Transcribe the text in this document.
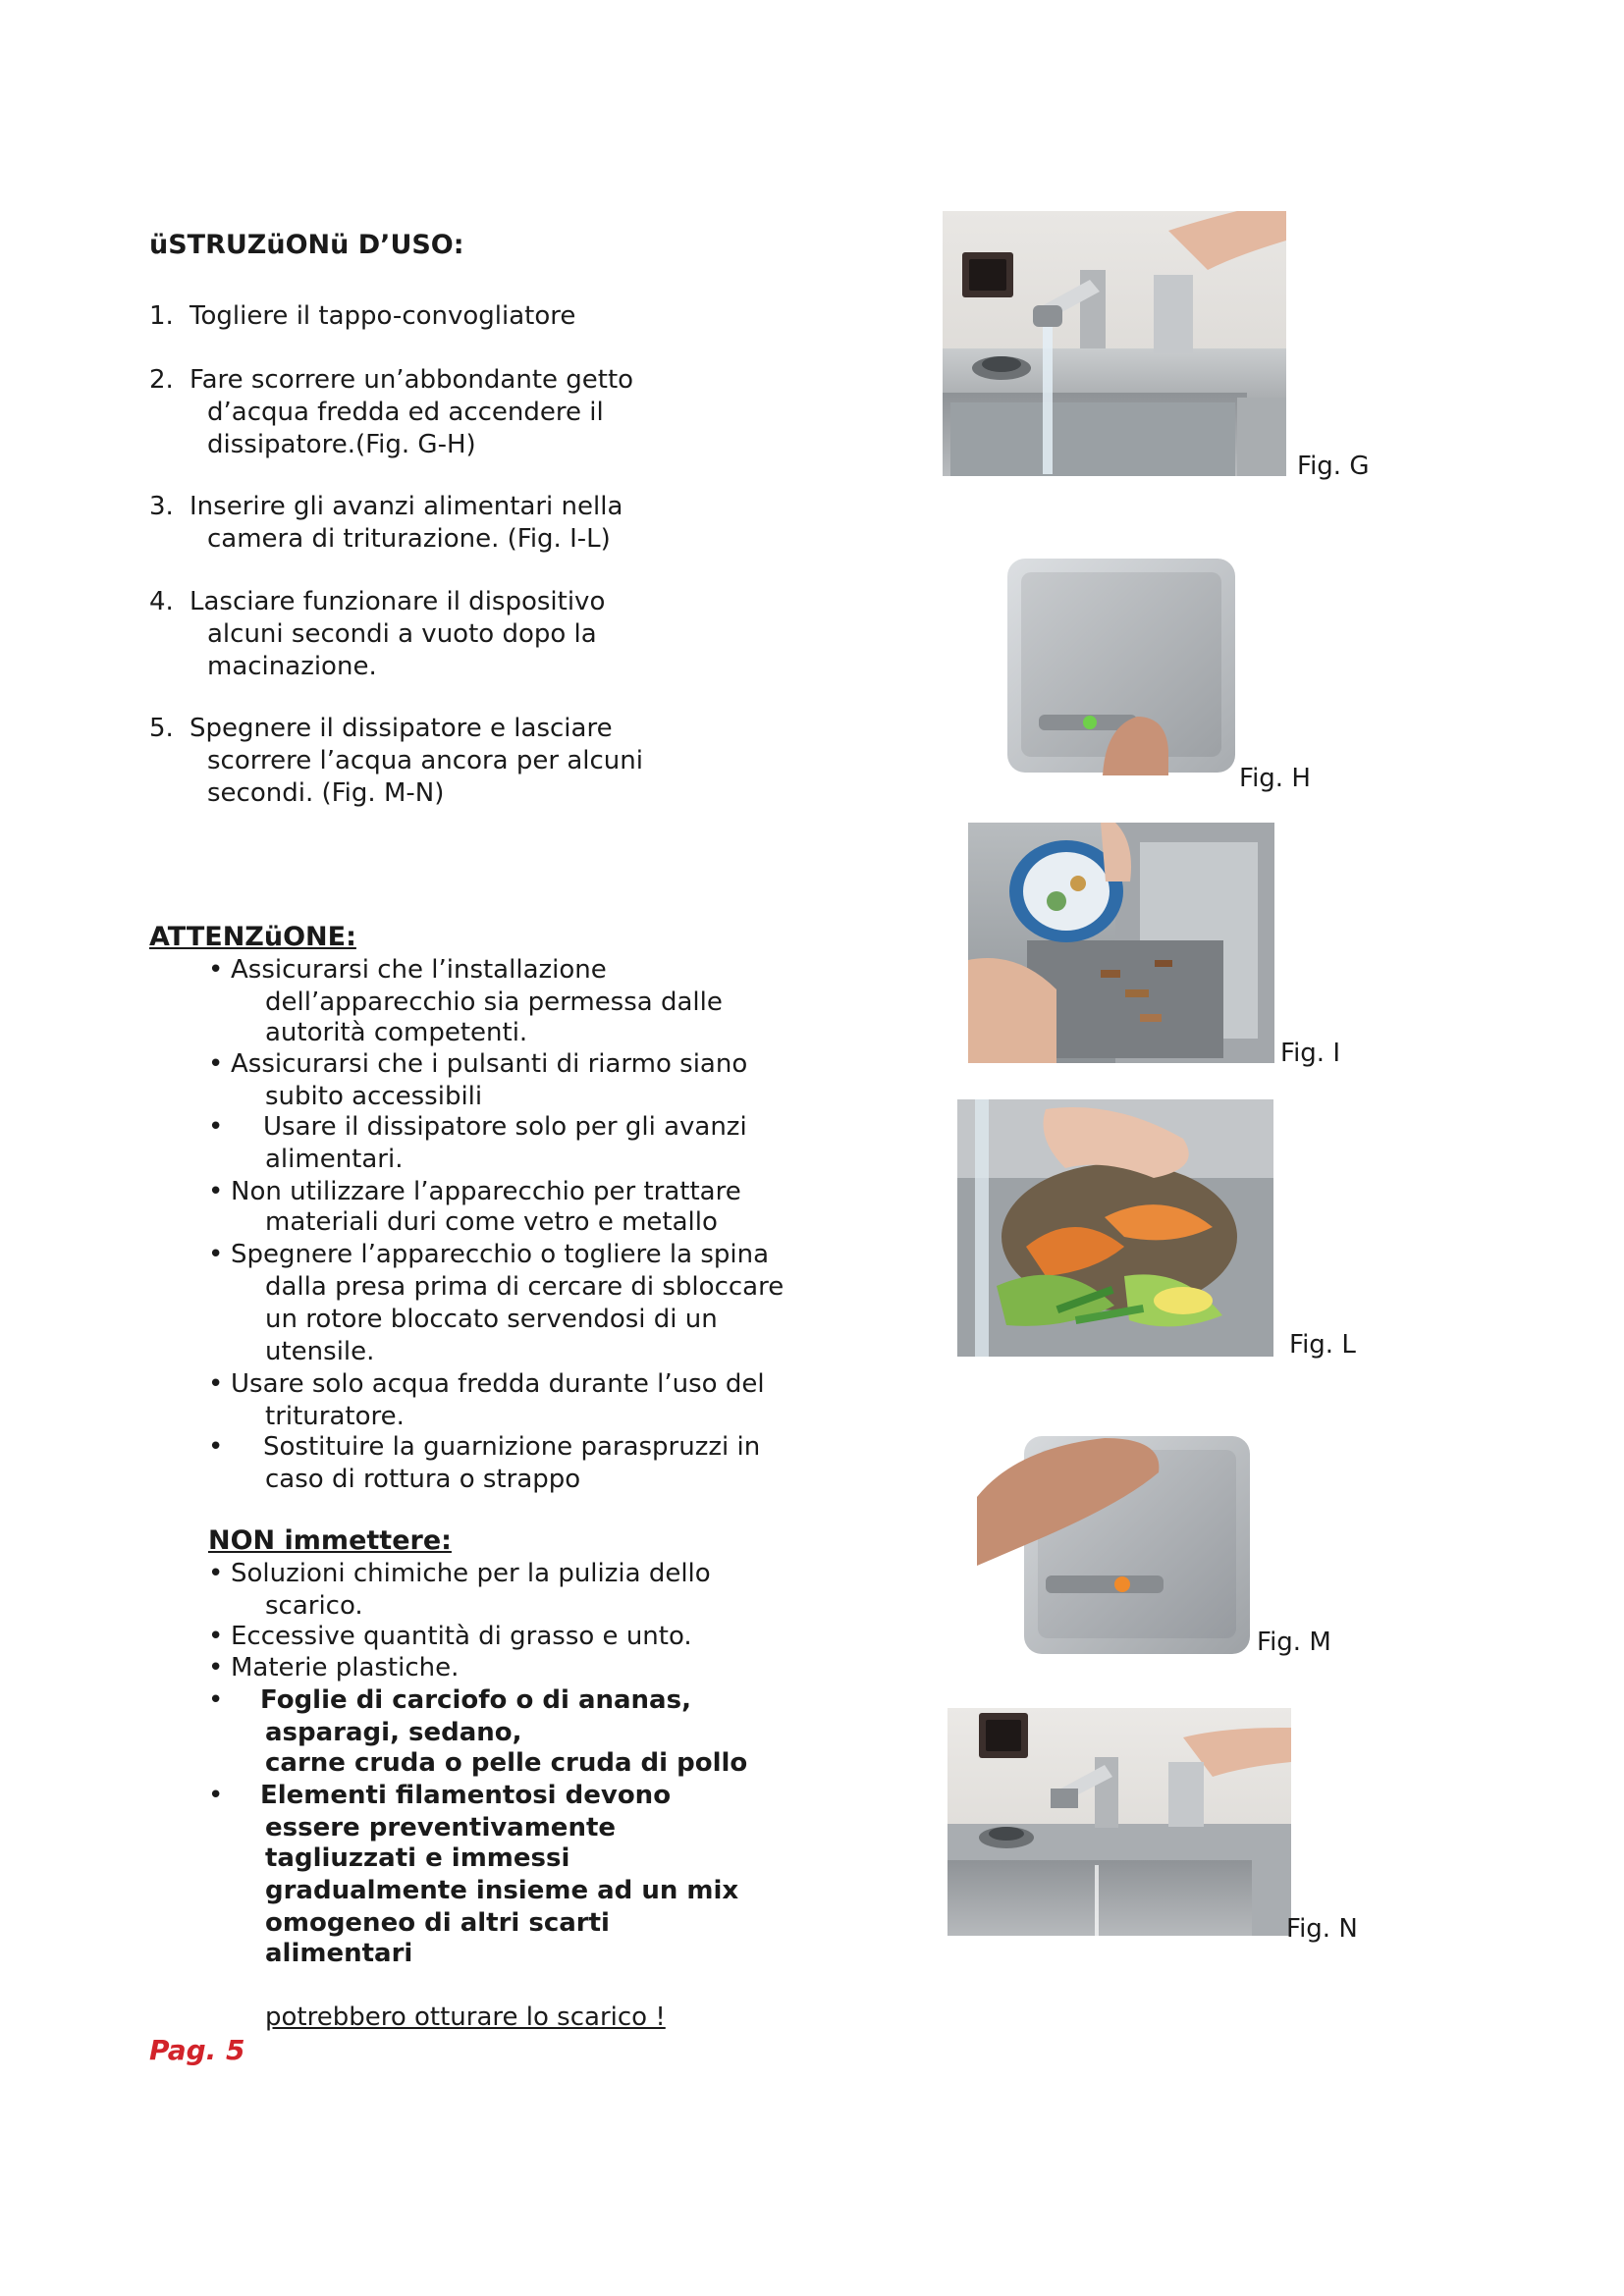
üSTRUZüONü D’USO:
1. Togliere il tappo-convogliatore
2. Fare scorrere un’abbondante getto
d’acqua fredda ed accendere il
dissipatore.(Fig. G-H)
3. Inserire gli avanzi alimentari nella
camera di triturazione. (Fig. I-L)
4. Lasciare funzionare il dispositivo
alcuni secondi a vuoto dopo la
macinazione.
5. Spegnere il dissipatore e lasciare
scorrere l’acqua ancora per alcuni
secondi. (Fig. M-N)
ATTENZüONE:
• Assicurarsi che l’installazione
dell’apparecchio sia permessa dalle
autorità competenti.
• Assicurarsi che i pulsanti di riarmo siano
subito accessibili
• Usare il dissipatore solo per gli avanzi
alimentari.
• Non utilizzare l’apparecchio per trattare
materiali duri come vetro e metallo
• Spegnere l’apparecchio o togliere la spina
dalla presa prima di cercare di sbloccare
un rotore bloccato servendosi di un
utensile.
• Usare solo acqua fredda durante l’uso del
trituratore.
• Sostituire la guarnizione paraspruzzi in
caso di rottura o strappo
NON immettere:
• Soluzioni chimiche per la pulizia dello
scarico.
• Eccessive quantità di grasso e unto.
• Materie plastiche.
• Foglie di carciofo o di ananas,
asparagi, sedano,
carne cruda o pelle cruda di pollo
• Elementi filamentosi devono
essere preventivamente
tagliuzzati e immessi
gradualmente insieme ad un mix
omogeneo di altri scarti
alimentari
potrebbero otturare lo scarico !
Pag. 5
Fig. G
Fig. H
Fig. I
Fig. L
Fig. M
Fig. N
